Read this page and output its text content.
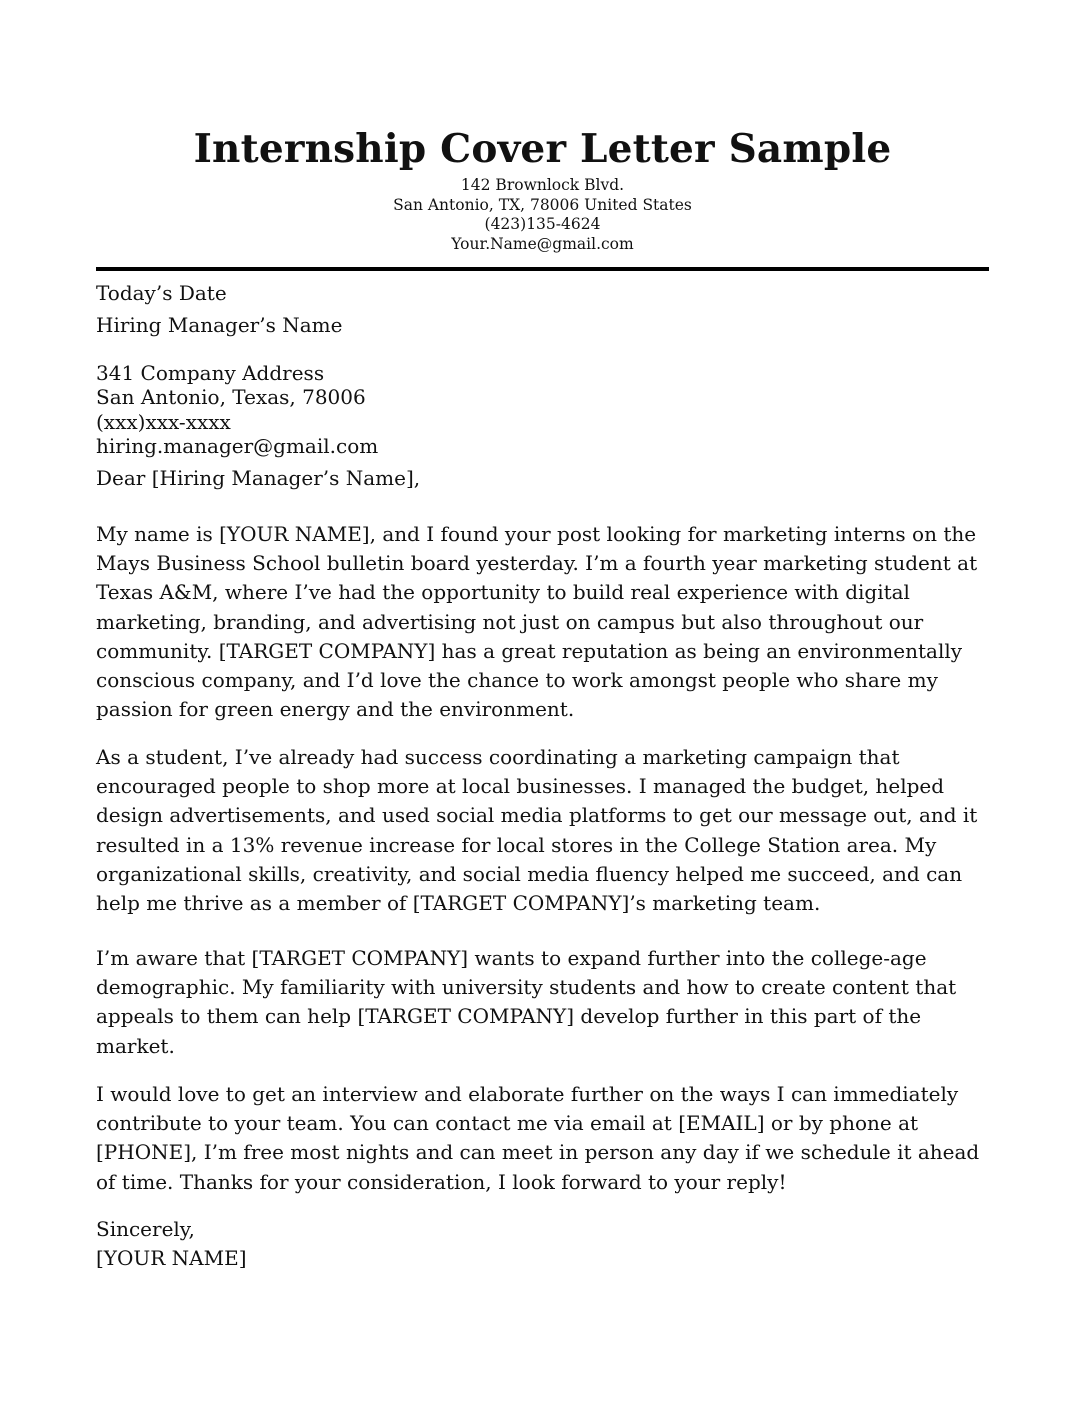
Internship Cover Letter Sample
142 Brownlock Blvd.
San Antonio, TX, 78006 United States
(423)135-4624
Your.Name@gmail.com
Today’s Date
Hiring Manager’s Name
341 Company Address
San Antonio, Texas, 78006
(xxx)xxx-xxxx
hiring.manager@gmail.com
Dear [Hiring Manager’s Name],
My name is [YOUR NAME], and I found your post looking for marketing interns on the
Mays Business School bulletin board yesterday. I’m a fourth year marketing student at
Texas A&M, where I’ve had the opportunity to build real experience with digital
marketing, branding, and advertising not just on campus but also throughout our
community. [TARGET COMPANY] has a great reputation as being an environmentally
conscious company, and I’d love the chance to work amongst people who share my
passion for green energy and the environment.
As a student, I’ve already had success coordinating a marketing campaign that
encouraged people to shop more at local businesses. I managed the budget, helped
design advertisements, and used social media platforms to get our message out, and it
resulted in a 13% revenue increase for local stores in the College Station area. My
organizational skills, creativity, and social media fluency helped me succeed, and can
help me thrive as a member of [TARGET COMPANY]’s marketing team.
I’m aware that [TARGET COMPANY] wants to expand further into the college-age
demographic. My familiarity with university students and how to create content that
appeals to them can help [TARGET COMPANY] develop further in this part of the
market.
I would love to get an interview and elaborate further on the ways I can immediately
contribute to your team. You can contact me via email at [EMAIL] or by phone at
[PHONE], I’m free most nights and can meet in person any day if we schedule it ahead
of time. Thanks for your consideration, I look forward to your reply!
Sincerely,
[YOUR NAME]
